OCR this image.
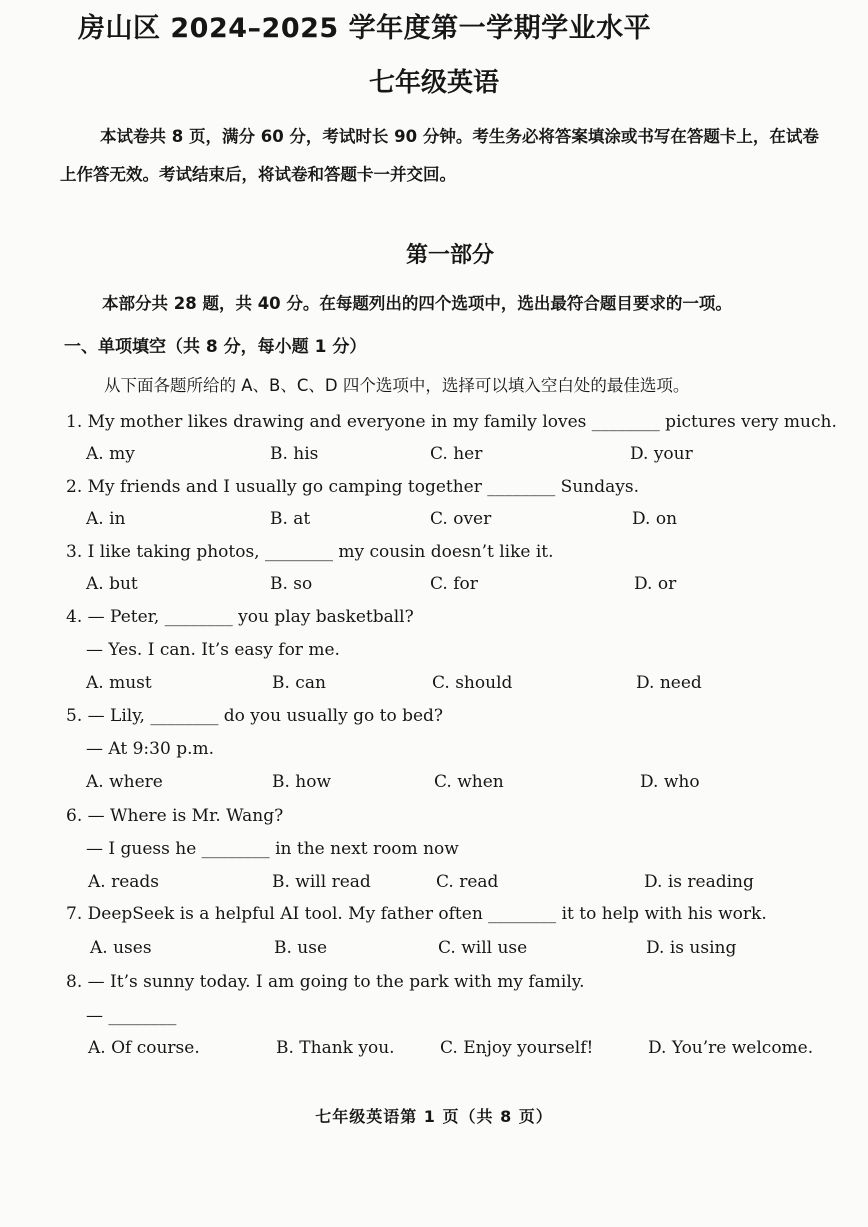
房山区 2024–2025 学年度第一学期学业水平
七年级英语
本试卷共 8 页，满分 60 分，考试时长 90 分钟。考生务必将答案填涂或书写在答题卡上，在试卷上作答无效。考试结束后，将试卷和答题卡一并交回。
第一部分
本部分共 28 题，共 40 分。在每题列出的四个选项中，选出最符合题目要求的一项。
一、单项填空（共 8 分，每小题 1 分）
从下面各题所给的 A、B、C、D 四个选项中，选择可以填入空白处的最佳选项。
1. My mother likes drawing and everyone in my family loves ________ pictures very much.
A. my	B. his	C. her	D. your
2. My friends and I usually go camping together ________ Sundays.
A. in	B. at	C. over	D. on
3. I like taking photos, ________ my cousin doesn’t like it.
A. but	B. so	C. for	D. or
4. — Peter, ________ you play basketball?
— Yes. I can. It’s easy for me.
A. must	B. can	C. should	D. need
5. — Lily, ________ do you usually go to bed?
— At 9:30 p.m.
A. where	B. how	C. when	D. who
6. — Where is Mr. Wang?
— I guess he ________ in the next room now
A. reads	B. will read	C. read	D. is reading
7. DeepSeek is a helpful AI tool. My father often ________ it to help with his work.
A. uses	B. use	C. will use	D. is using
8. — It’s sunny today. I am going to the park with my family.
— ________
A. Of course.	B. Thank you.	C. Enjoy yourself!	D. You’re welcome.
七年级英语第 1 页（共 8 页）
